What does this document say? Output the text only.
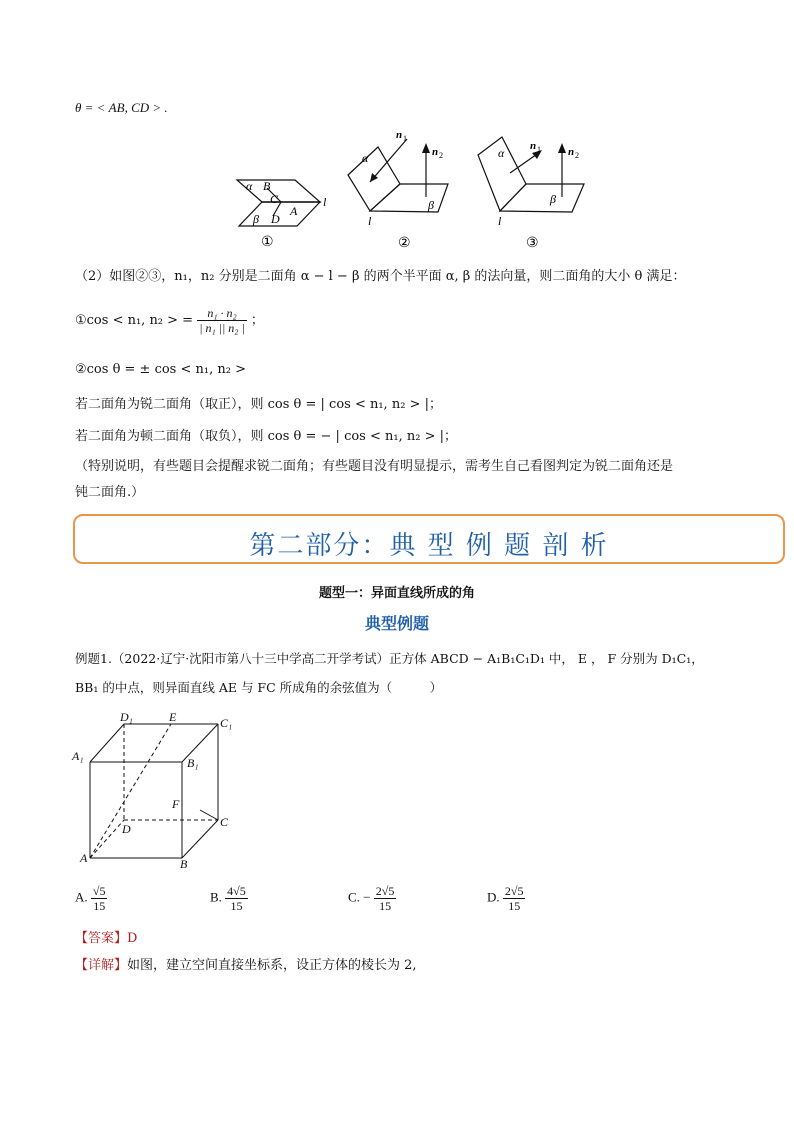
θ = < AB, CD > .
α B
C
A
l
β D
①
n 1
n 2
α
β
l
②
n 1 n 2
α
β
l
③
（2）如图②③，n₁，n₂ 分别是二面角 α − l − β 的两个半平面 α, β 的法向量，则二面角的大小 θ 满足：
①cos < n₁, n₂ > = $\frac{\text{n₁ · n₂}}{\text{| n₁ || n₂ |}}$ ；
②cos θ = ± cos < n₁, n₂ >
若二面角为锐二面角（取正），则 cos θ = | cos < n₁, n₂ > |；
若二面角为顿二面角（取负），则 cos θ = − | cos < n₁, n₂ > |；
（特别说明，有些题目会提醒求锐二面角；有些题目没有明显提示，需考生自己看图判定为锐二面角还是
钝二面角.）
第二部分：典 型 例 题 剖 析
题型一：异面直线所成的角
典型例题
例题1.（2022·辽宁·沈阳市第八十三中学高二开学考试）正方体 ABCD − A₁B₁C₁D₁ 中， E ， F 分别为 D₁C₁，
BB₁ 的中点，则异面直线 AE 与 FC 所成角的余弦值为（　　　）
D₁	E	C₁
A₁	B₁
F
D	C
A	B
A. $\frac{√5}{15}$	B. $\frac{4√5}{15}$	C. − $\frac{2√5}{15}$	D. $\frac{2√5}{15}$
【答案】D
【详解】如图，建立空间直接坐标系，设正方体的棱长为 2,
